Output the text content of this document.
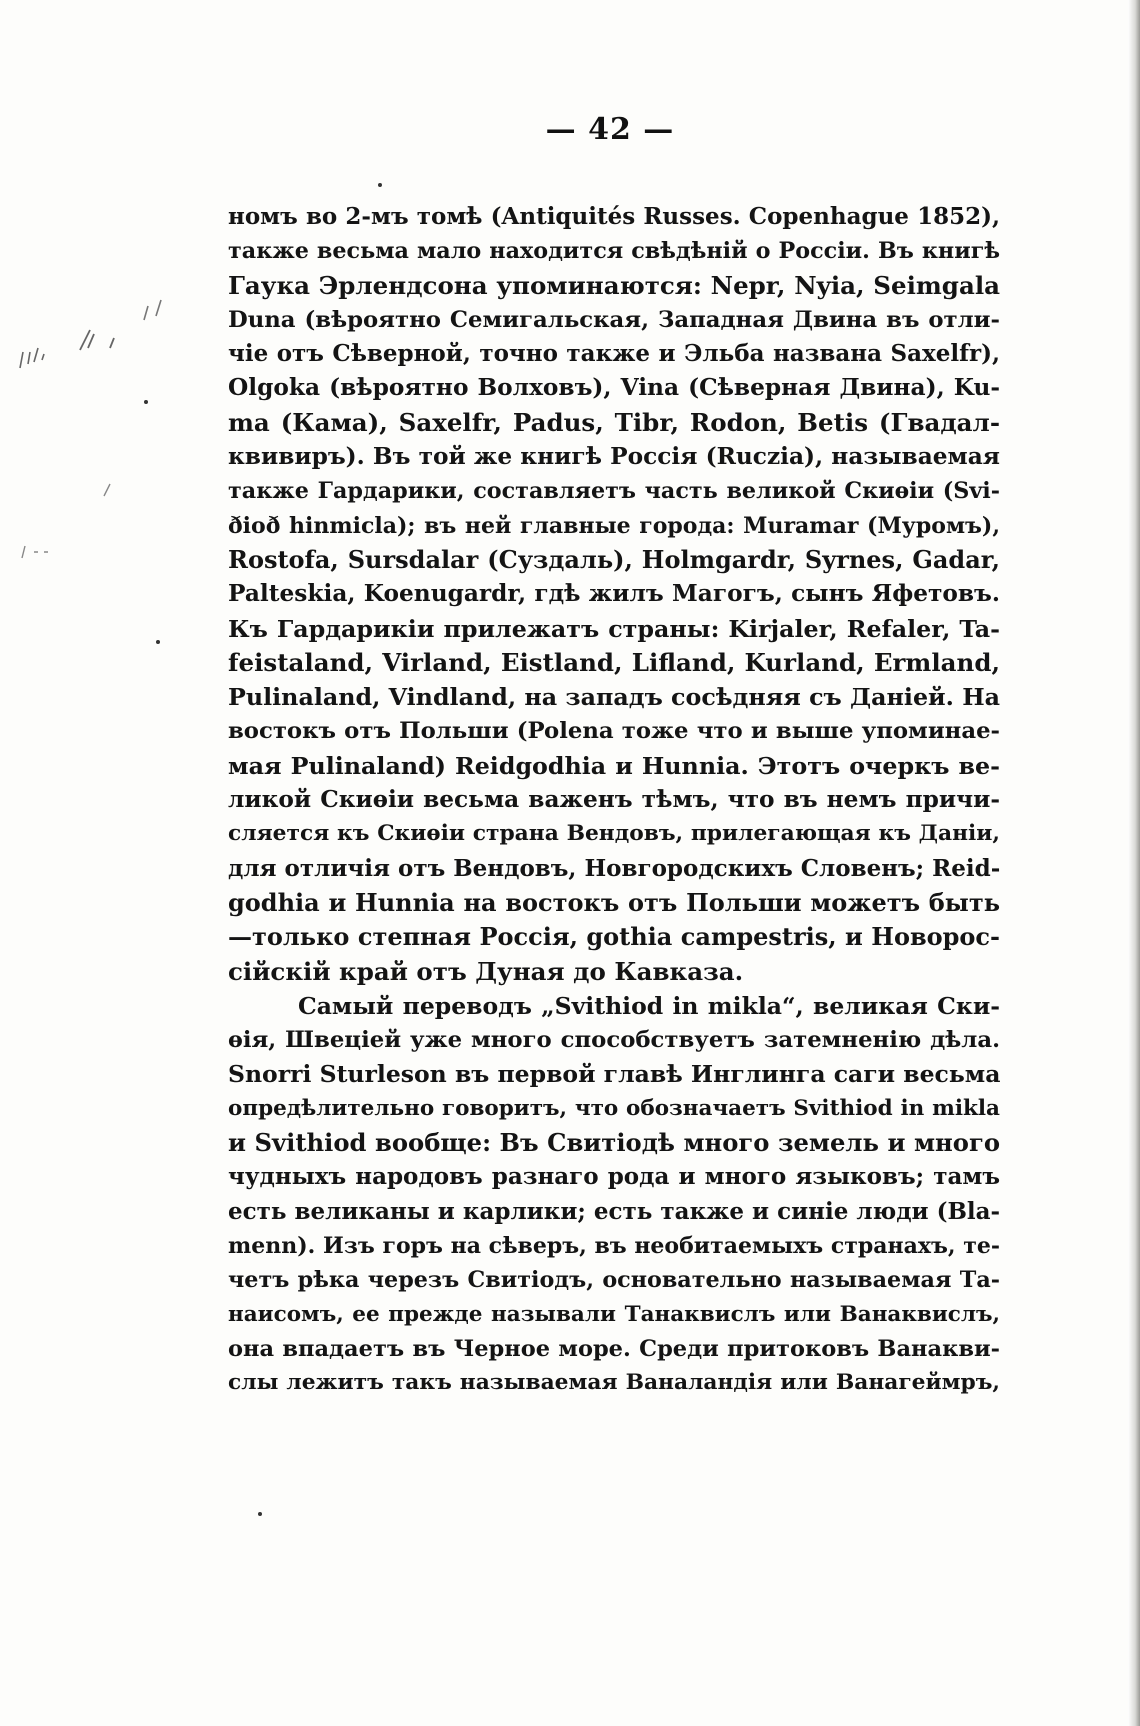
— 42 —
номъ во 2-мъ томѣ (Antiquités Russes. Copenhague 1852),
также весьма мало находится свѣдѣній о Россіи. Въ книгѣ
Гаука Эрлендсона упоминаются: Nepr, Nyia, Seimgala
Duna (вѣроятно Семигальская, Западная Двина въ отли-
чіе отъ Сѣверной, точно также и Эльба названа Saxelfr),
Olgoka (вѣроятно Волховъ), Vina (Сѣверная Двина), Ku-
ma (Кама), Saxelfr, Padus, Tibr, Rodon, Betis (Гвадал-
квивиръ). Въ той же книгѣ Россія (Ruczia), называемая
также Гардарики, составляетъ часть великой Скиѳіи (Svi-
ðioð hinmicla); въ ней главные города: Muramar (Муромъ),
Rostofa, Sursdalar (Суздаль), Holmgardr, Syrnes, Gadar,
Palteskia, Koenugardr, гдѣ жилъ Магогъ, сынъ Яфетовъ.
Къ Гардарикіи прилежатъ страны: Kirjaler, Refaler, Ta-
feistaland, Virland, Eistland, Lifland, Kurland, Ermland,
Pulinaland, Vindland, на западъ сосѣдняя съ Даніей. На
востокъ отъ Польши (Polena тоже что и выше упоминае-
мая Pulinaland) Reidgodhia и Hunnia. Этотъ очеркъ ве-
ликой Скиѳіи весьма важенъ тѣмъ, что въ немъ причи-
сляется къ Скиѳіи страна Вендовъ, прилегающая къ Даніи,
для отличія отъ Вендовъ, Новгородскихъ Словенъ; Reid-
godhia и Hunnia на востокъ отъ Польши можетъ быть
—только степная Россія, gothia campestris, и Новорос-
сійскій край отъ Дуная до Кавказа.
Самый переводъ „Svithiod in mikla“, великая Ски-
ѳія, Швеціей уже много способствуетъ затемненію дѣла.
Snorri Sturleson въ первой главѣ Инглинга саги весьма
опредѣлительно говоритъ, что обозначаетъ Svithiod in mikla
и Svithiod вообще: Въ Свитіодѣ много земель и много
чудныхъ народовъ разнаго рода и много языковъ; тамъ
есть великаны и карлики; есть также и синіе люди (Bla-
menn). Изъ горъ на сѣверъ, въ необитаемыхъ странахъ, те-
четъ рѣка черезъ Свитіодъ, основательно называемая Та-
наисомъ, ее прежде называли Танаквислъ или Ванаквислъ,
она впадаетъ въ Черное море. Среди притоковъ Ванакви-
слы лежитъ такъ называемая Ваналандія или Ванагеймръ,
